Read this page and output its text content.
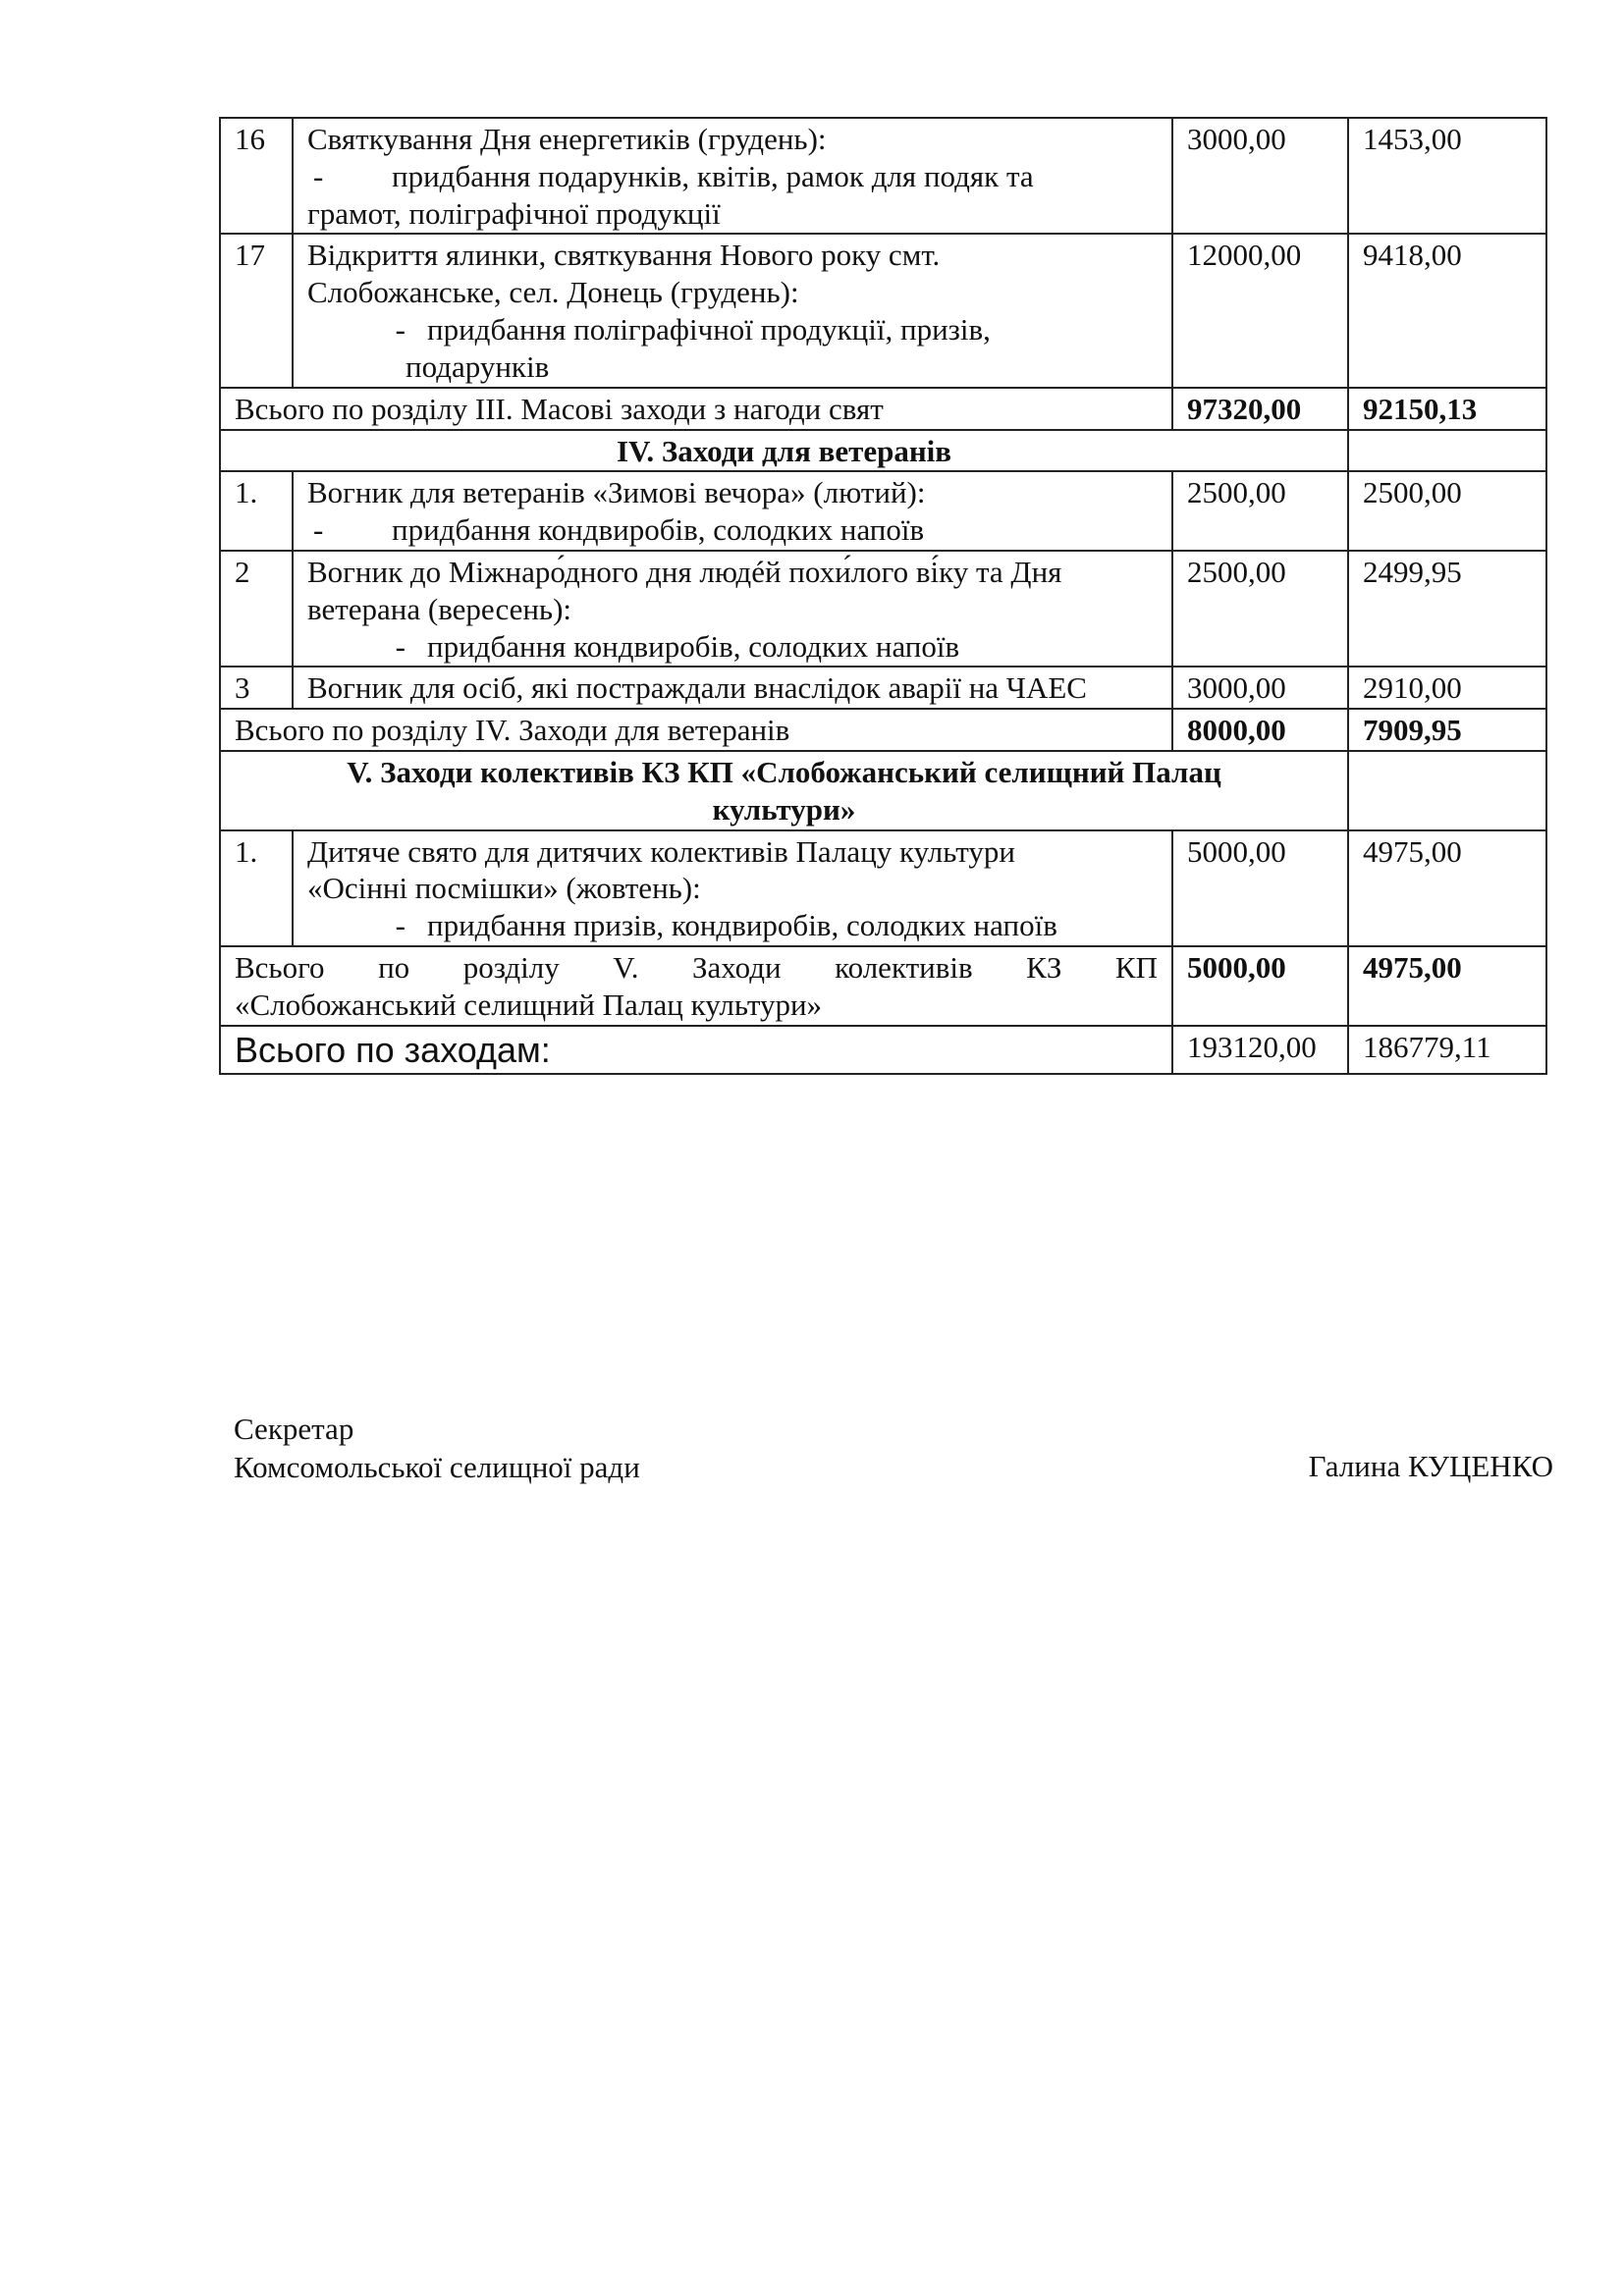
16	Святкування Дня енергетиків (грудень):
- придбання подарунків, квітів, рамок для подяк та
грамот, поліграфічної продукції	3000,00	1453,00
17	Відкриття ялинки, святкування Нового року смт.
Слобожанське, сел. Донець (грудень):
- придбання поліграфічної продукції, призів,
подарунків	12000,00	9418,00
Всього по розділу ІІІ. Масові заходи з нагоди свят		97320,00	92150,13
IV. Заходи для ветеранів			
1.	Вогник для ветеранів «Зимові вечора» (лютий):
- придбання кондвиробів, солодких напоїв	2500,00	2500,00
2	Вогник до Міжнаро́дного дня людéй похи́лого ві́ку та Дня
ветерана (вересень):
- придбання кондвиробів, солодких напоїв	2500,00	2499,95
3	Вогник для осіб, які постраждали внаслідок аварії на ЧАЕС	3000,00	2910,00
Всього по розділу IV. Заходи для ветеранів		8000,00	7909,95

V. Заходи колективів КЗ КП «Слобожанський селищний Палац
культури»			

1.	Дитяче свято для дитячих колективів Палацу культури
«Осінні посмішки» (жовтень):
- придбання призів, кондвиробів, солодких напоїв	5000,00	4975,00

Всього по розділу V. Заходи колективів КЗ КП
«Слобожанський селищний Палац культури»		5000,00	4975,00
Всього по заходам:		193120,00	186779,11
Секретар
Комсомольської селищної ради	Галина КУЦЕНКО
